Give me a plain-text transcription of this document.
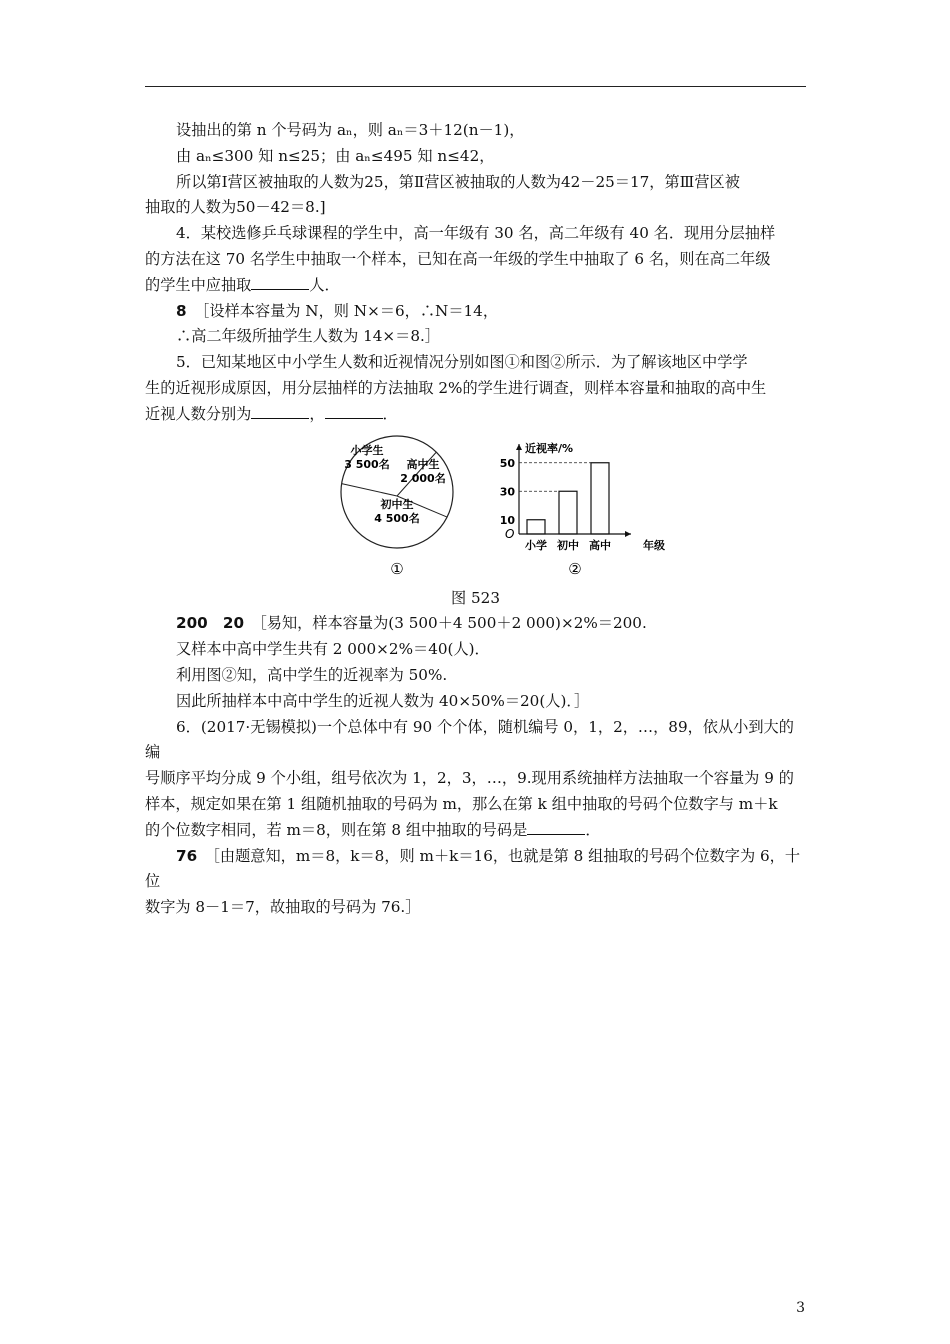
设抽出的第 n 个号码为 aₙ，则 aₙ＝3＋12(n－1)，

由 aₙ≤300 知 n≤25；由 aₙ≤495 知 n≤42，

所以第Ⅰ营区被抽取的人数为25，第Ⅱ营区被抽取的人数为42－25＝17，第Ⅲ营区被

抽取的人数为50－42＝8.]

4．某校选修乒乓球课程的学生中，高一年级有 30 名，高二年级有 40 名．现用分层抽样

的方法在这 70 名学生中抽取一个样本，已知在高一年级的学生中抽取了 6 名，则在高二年级

的学生中应抽取	人．

8　 ［设样本容量为 N，则 N×＝6，∴N＝14，

∴高二年级所抽学生人数为 14×＝8.］

5．已知某地区中小学生人数和近视情况分别如图①和图②所示．为了解该地区中学学

生的近视形成原因，用分层抽样的方法抽取 2%的学生进行调查，则样本容量和抽取的高中生

近视人数分别为	，	．

小学生
3 500名 高中生
2 000名
初中生
4 500名
①
近视率/%
年级
O
小学 初中 高中
10
30
50
②

图 523

200　20　 ［易知，样本容量为(3 500＋4 500＋2 000)×2%＝200.

又样本中高中学生共有 2 000×2%＝40(人)．

利用图②知，高中学生的近视率为 50%.

因此所抽样本中高中学生的近视人数为 40×50%＝20(人)．］

6．(2017·无锡模拟)一个总体中有 90 个个体，随机编号 0，1，2，…，89，依从小到大的编

号顺序平均分成 9 个小组，组号依次为 1，2，3，…，9.现用系统抽样方法抽取一个容量为 9 的

样本，规定如果在第 1 组随机抽取的号码为 m，那么在第 k 组中抽取的号码个位数字与 m＋k

的个位数字相同，若 m＝8，则在第 8 组中抽取的号码是	．

76　 ［由题意知，m＝8，k＝8，则 m＋k＝16，也就是第 8 组抽取的号码个位数字为 6，十位

数字为 8－1＝7，故抽取的号码为 76.］

3
